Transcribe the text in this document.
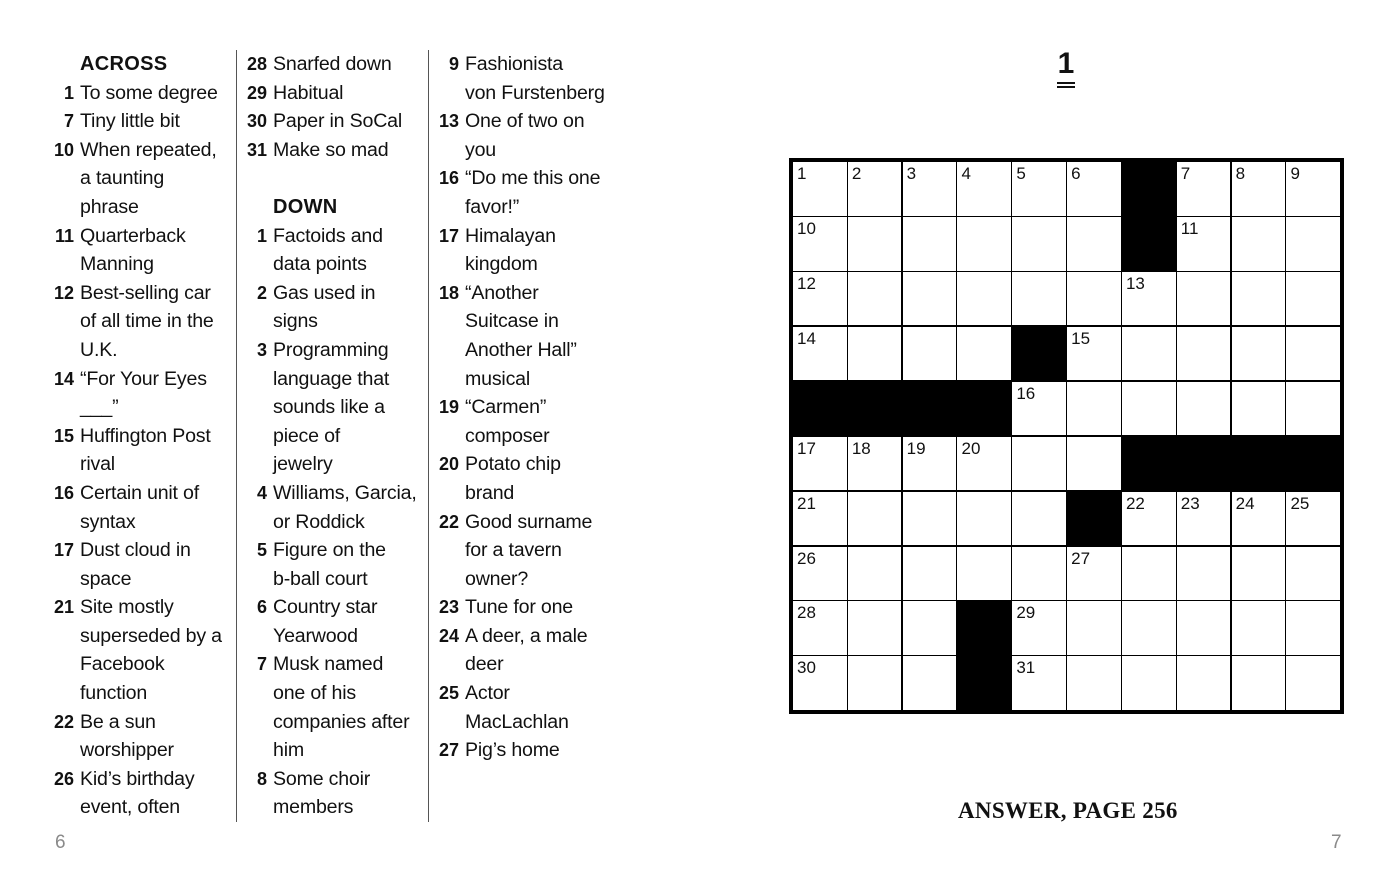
ACROSS
1 To some degree
7 Tiny little bit
10 When repeated,
a taunting
phrase
11 Quarterback
Manning
12 Best-selling car
of all time in the
U.K.
14 “For Your Eyes
___”
15 Huffington Post
rival
16 Certain unit of
syntax
17 Dust cloud in
space
21 Site mostly
superseded by a
Facebook
function
22 Be a sun
worshipper
26 Kid’s birthday
event, often
28 Snarfed down
29 Habitual
30 Paper in SoCal
31 Make so mad
DOWN
1 Factoids and
data points
2 Gas used in
signs
3 Programming
language that
sounds like a
piece of
jewelry
4 Williams, Garcia,
or Roddick
5 Figure on the
b-ball court
6 Country star
Yearwood
7 Musk named
one of his
companies after
him
8 Some choir
members
9 Fashionista
von Furstenberg
13 One of two on
you
16 “Do me this one
favor!”
17 Himalayan
kingdom
18 “Another
Suitcase in
Another Hall”
musical
19 “Carmen”
composer
20 Potato chip
brand
22 Good surname
for a tavern
owner?
23 Tune for one
24 A deer, a male
deer
25 Actor
MacLachlan
27 Pig’s home
6
1
1	2	3	4	5	6	7	8	9
10	11
12	13
14	15
16
17 18 19 20
21	22 23 24 25
26	27
28	29
30	31
ANSWER, PAGE 256
7
